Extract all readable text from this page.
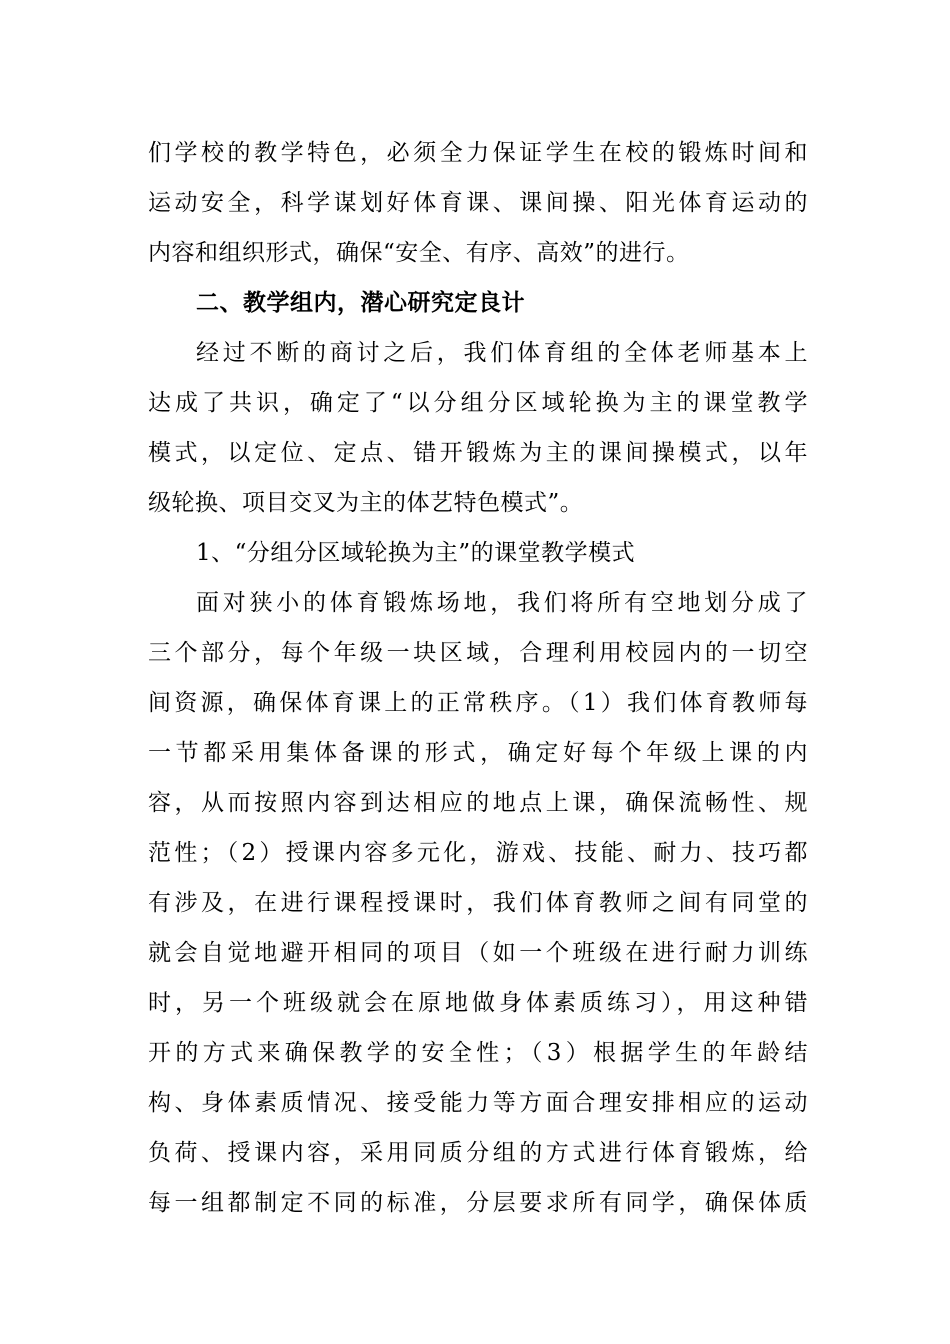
们学校的教学特色，必须全力保证学生在校的锻炼时间和
运动安全，科学谋划好体育课、课间操、阳光体育运动的
内容和组织形式，确保“安全、有序、高效”的进行。
二、教学组内，潜心研究定良计
经过不断的商讨之后，我们体育组的全体老师基本上
达成了共识，确定了“以分组分区域轮换为主的课堂教学
模式，以定位、定点、错开锻炼为主的课间操模式，以年
级轮换、项目交叉为主的体艺特色模式”。
1、“分组分区域轮换为主”的课堂教学模式
面对狭小的体育锻炼场地，我们将所有空地划分成了
三个部分，每个年级一块区域，合理利用校园内的一切空
间资源，确保体育课上的正常秩序。（1）我们体育教师每
一节都采用集体备课的形式，确定好每个年级上课的内
容，从而按照内容到达相应的地点上课，确保流畅性、规
范性；（2）授课内容多元化，游戏、技能、耐力、技巧都
有涉及，在进行课程授课时，我们体育教师之间有同堂的
就会自觉地避开相同的项目（如一个班级在进行耐力训练
时，另一个班级就会在原地做身体素质练习），用这种错
开的方式来确保教学的安全性；（3）根据学生的年龄结
构、身体素质情况、接受能力等方面合理安排相应的运动
负荷、授课内容，采用同质分组的方式进行体育锻炼，给
每一组都制定不同的标准，分层要求所有同学，确保体质
